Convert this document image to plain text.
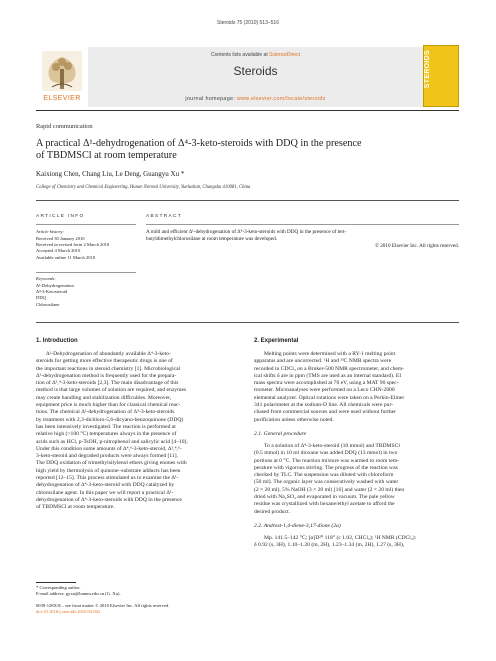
Steroids 75 (2010) 513–516
ELSEVIER
Contents lists available at ScienceDirect
Steroids
journal homepage: www.elsevier.com/locate/steroids
STEROIDS
Rapid communication
A practical Δ¹-dehydrogenation of Δ⁴-3-keto-steroids with DDQ in the presence
of TBDMSCl at room temperature
Kaixiong Chen, Chang Liu, Le Deng, Guangyu Xu *
College of Chemistry and Chemical Engineering, Hunan Normal University, Yuelushan, Changsha 410081, China
ARTICLE INFO
Article history:
Received 30 January 2010
Received in revised form 2 March 2010
Accepted 4 March 2010
Available online 11 March 2010
Keywords:
Δ¹-Dehydrogenation
Δ⁴-3-Ketosteroid
DDQ
Chlorosilane
ABSTRACT
A mild and efficient Δ¹-dehydrogenation of Δ⁴-3-keto-steroids with DDQ in the presence of tert-
butyldimethylchlorosilane at room temperature was developed.
© 2010 Elsevier Inc. All rights reserved.
1. Introduction
Δ¹-Dehydrogenation of abundantly available Δ⁴-3-keto-
steroids for getting more effective therapeutic drugs is one of
the important reactions in steroid chemistry [1]. Microbiological
Δ¹-dehydrogenation method is frequently used for the prepara-
tion of Δ¹,⁴-3-keto-steroids [2,3]. The main disadvantage of this
method is that large volumes of solution are required, and enzymes
may create handling and stabilization difficulties. Moreover,
equipment price is much higher than for classical chemical reac-
tions. The chemical Δ¹-dehydrogenation of Δ⁴-3-keto-steroids
by treatment with 2,3-dichloro-5,6-dicyano-benzoquinone (DDQ)
has been intensively investigated. The reaction is performed at
relative high (>100 °C) temperatures always in the presence of
acids such as HCl, p-TsOH, p-nitrophenol and salicylic acid [4–10].
Under this condition some amounts of Δ⁴,⁶-3-keto-steroid, Δ¹,⁴,⁶-
3-keto-steroid and degraded products were always formed [11].
The DDQ oxidation of trimethylsilylenol ethers giving enones with
high yield by thermolysis of quinone–substrate adducts has been
reported [12–15]. This process stimulated us to examine the Δ¹-
dehydrogenation of Δ⁴-3-keto-steroid with DDQ catalyzed by
chlorosilane agent. In this paper we will report a practical Δ¹-
dehydrogenation of Δ⁴-3-keto-steroids with DDQ in the presence
of TBDMSCl at room temperature.
* Corresponding author.
E-mail address: gyxu@hunnu.edu.cn (G. Xu).
0039-128X/$ – see front matter © 2010 Elsevier Inc. All rights reserved.
doi:10.1016/j.steroids.2010.03.002
2. Experimental
Melting points were determined with a RY-1 melting point
apparatus and are uncorrected. ¹H and ¹³C NMR spectra were
recorded in CDCl₃ on a Bruker-500 NMR spectrometer, and chem-
ical shifts δ are in ppm (TMS are used as an internal standard). EI
mass spectra were accomplished at 70 eV, using a MAT 90 spec-
trometer. Microanalyses were performed on a Leco CHN-2000
elemental analyzer. Optical rotations were taken on a Perkin-Elmer
341 polarimeter at the sodium-D line. All chemicals were pur-
chased from commercial sources and were used without further
purification unless otherwise noted.
2.1. General procedure
To a solution of Δ⁴-3-keto-steroid (10 mmol) and TBDMSCl
(0.5 mmol) in 10 ml dioxane was added DDQ (13 mmol) in two
portions at 0 °C. The reaction mixture was warmed to room tem-
perature with vigorous stirring. The progress of the reaction was
checked by TLC. The suspension was diluted with chloroform
(50 ml). The organic layer was consecutively washed with water
(2 × 20 ml), 5% NaOH (3 × 20 ml) [16] and water (2 × 20 ml) then
dried with Na₂SO₄ and evaporated in vacuum. The pale yellow
residue was crystallized with hexane/ethyl acetate to afford the
desired product.
2.2. Androst-1,4-diene-3,17-dione (2a)
Mp. 141.5–142 °C; [α]D²⁰ 118° (c 1.02, CHCl₃); ¹H NMR (CDCl₃):
δ 0.92 (s, 3H), 1.10–1.20 (m, 2H), 1.23–1.34 (m, 2H), 1.27 (s, 3H),
